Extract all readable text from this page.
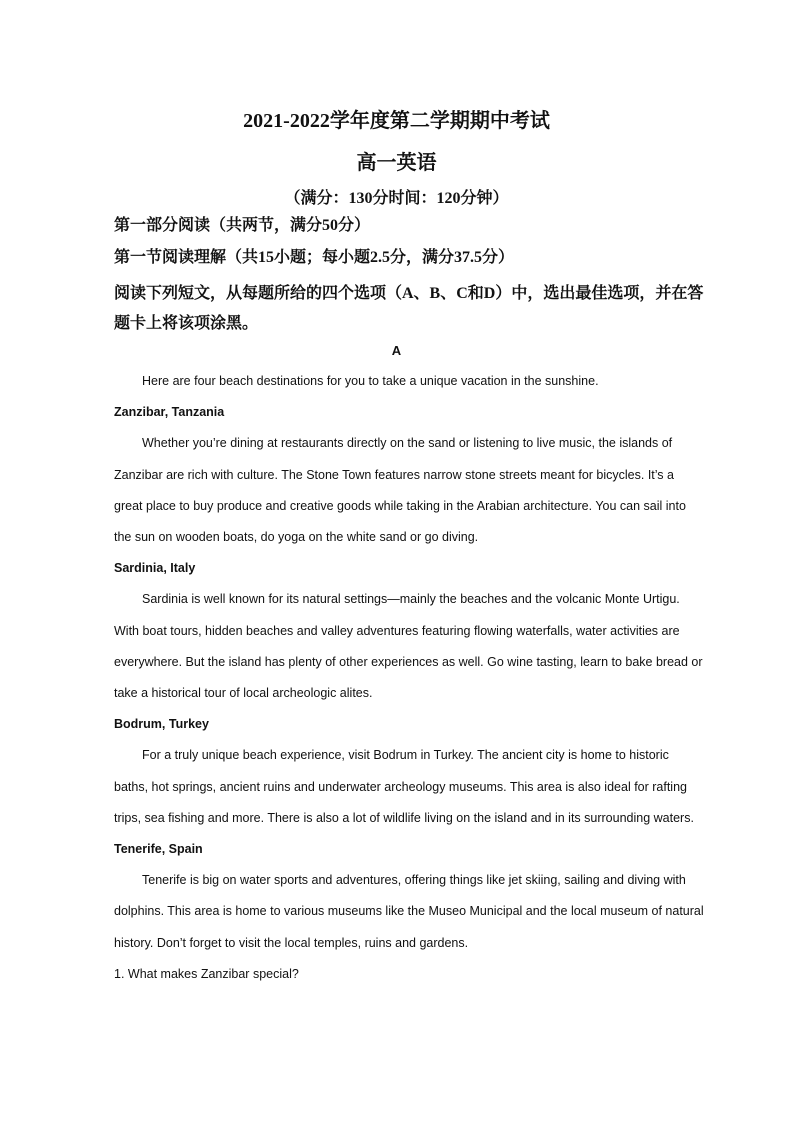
2021-2022学年度第二学期期中考试
高一英语
（满分：130分时间：120分钟）
第一部分阅读（共两节，满分50分）
第一节阅读理解（共15小题；每小题2.5分，满分37.5分）
阅读下列短文，从每题所给的四个选项（A、B、C和D）中，选出最佳选项，并在答题卡上将该项涂黑。
A

Here are four beach destinations for you to take a unique vacation in the sunshine.

Zanzibar, Tanzania

Whether you’re dining at restaurants directly on the sand or listening to live music, the islands of Zanzibar are rich with culture. The Stone Town features narrow stone streets meant for bicycles. It’s a great place to buy produce and creative goods while taking in the Arabian architecture. You can sail into the sun on wooden boats, do yoga on the white sand or go diving.

Sardinia, Italy

Sardinia is well known for its natural settings—mainly the beaches and the volcanic Monte Urtigu. With boat tours, hidden beaches and valley adventures featuring flowing waterfalls, water activities are everywhere. But the island has plenty of other experiences as well. Go wine tasting, learn to bake bread or take a historical tour of local archeologic alites.

Bodrum, Turkey

For a truly unique beach experience, visit Bodrum in Turkey. The ancient city is home to historic baths, hot springs, ancient ruins and underwater archeology museums. This area is also ideal for rafting trips, sea fishing and more. There is also a lot of wildlife living on the island and in its surrounding waters.

Tenerife, Spain

Tenerife is big on water sports and adventures, offering things like jet skiing, sailing and diving with dolphins. This area is home to various museums like the Museo Municipal and the local museum of natural history. Don’t forget to visit the local temples, ruins and gardens.

1. What makes Zanzibar special?
